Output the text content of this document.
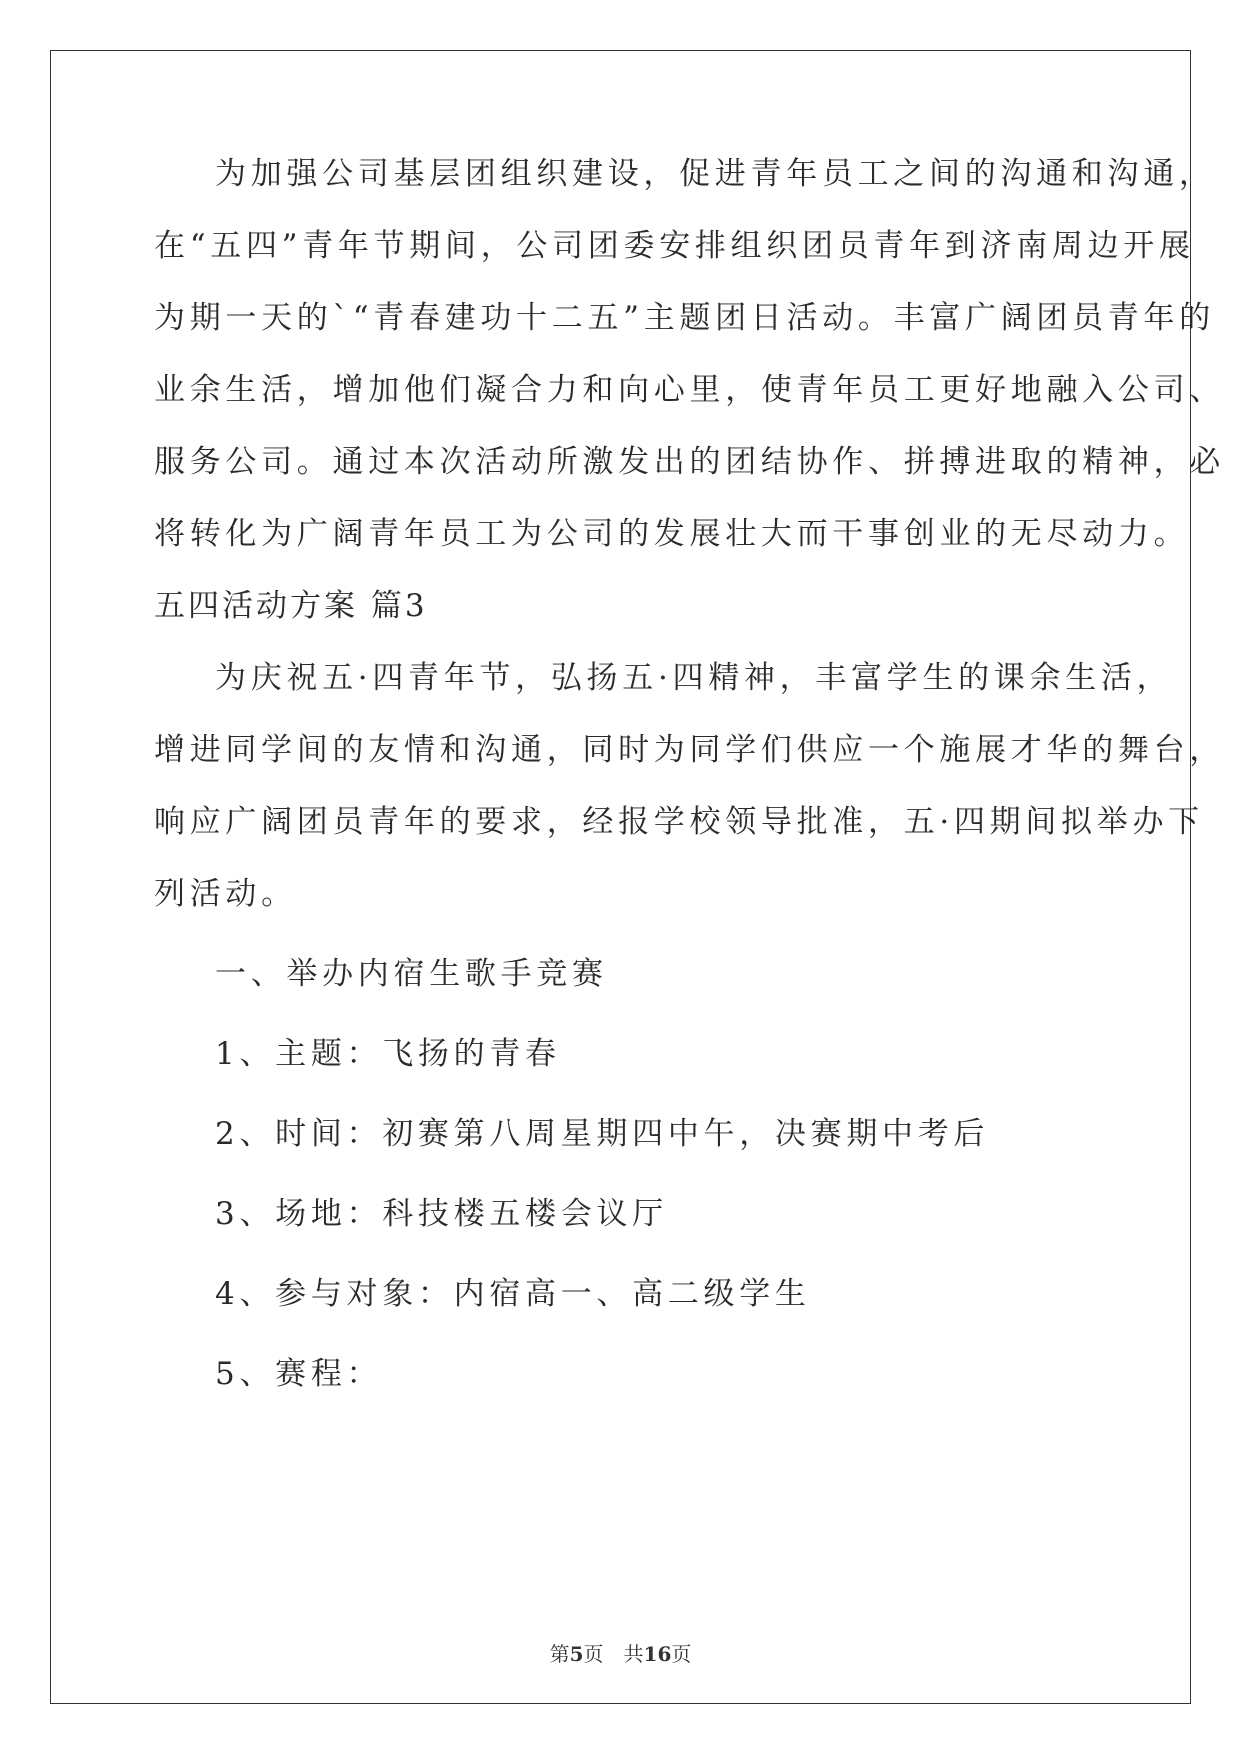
为加强公司基层团组织建设，促进青年员工之间的沟通和沟通，
在“五四”青年节期间，公司团委安排组织团员青年到济南周边开展
为期一天的`“青春建功十二五”主题团日活动。丰富广阔团员青年的
业余生活，增加他们凝合力和向心里，使青年员工更好地融入公司、
服务公司。通过本次活动所激发出的团结协作、拼搏进取的精神，必
将转化为广阔青年员工为公司的发展壮大而干事创业的无尽动力。
五四活动方案 篇3
为庆祝五·四青年节，弘扬五·四精神，丰富学生的课余生活，
增进同学间的友情和沟通，同时为同学们供应一个施展才华的舞台，
响应广阔团员青年的要求，经报学校领导批准，五·四期间拟举办下
列活动。
一、举办内宿生歌手竞赛
1、主题：飞扬的青春
2、时间：初赛第八周星期四中午，决赛期中考后
3、场地：科技楼五楼会议厅
4、参与对象：内宿高一、高二级学生
5、赛程：
第5页　共16页
